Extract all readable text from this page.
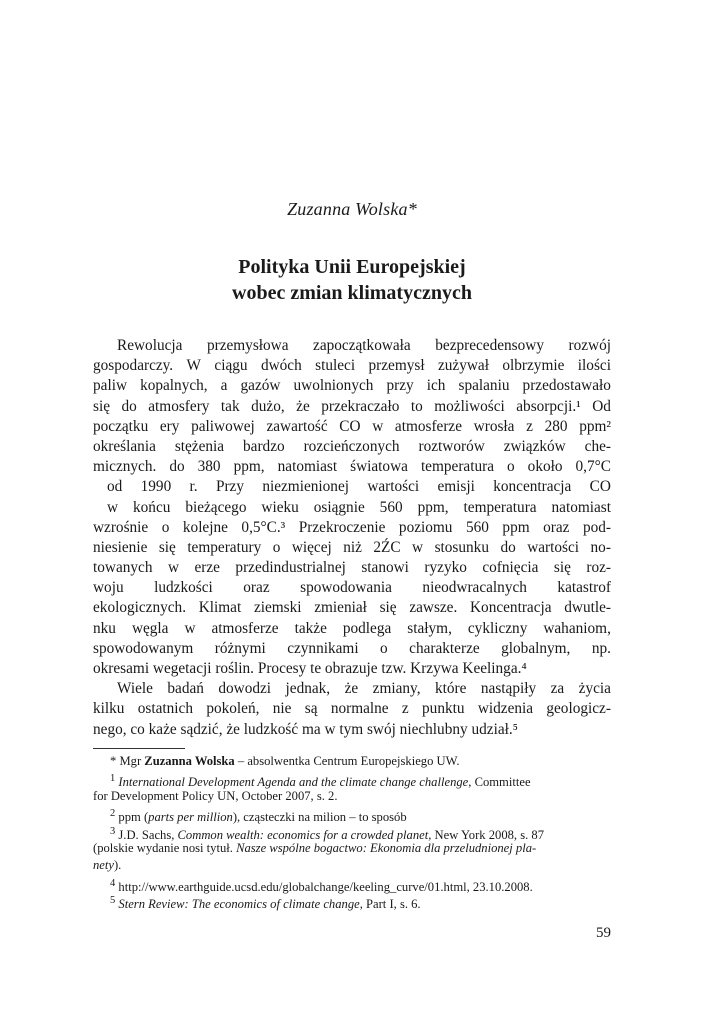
Zuzanna Wolska*
Polityka Unii Europejskiej
wobec zmian klimatycznych
Rewolucja przemysłowa zapoczątkowała bezprecedensowy rozwój
gospodarczy. W ciągu dwóch stuleci przemysł zużywał olbrzymie ilości
paliw kopalnych, a gazów uwolnionych przy ich spalaniu przedostawało
się do atmosfery tak dużo, że przekraczało to możliwości absorpcji.¹ Od
początku ery paliwowej zawartość CO w atmosferze wrosła z 280 ppm²
określania stężenia bardzo rozcieńczonych roztworów związków che-
micznych. do 380 ppm, natomiast światowa temperatura o około 0,7°C
od 1990 r. Przy niezmienionej wartości emisji koncentracja CO
w końcu bieżącego wieku osiągnie 560 ppm, temperatura natomiast
wzrośnie o kolejne 0,5°C.³ Przekroczenie poziomu 560 ppm oraz pod-
niesienie się temperatury o więcej niż 2ŹC w stosunku do wartości no-
towanych w erze przedindustrialnej stanowi ryzyko cofnięcia się roz-
woju ludzkości oraz spowodowania nieodwracalnych katastrof
ekologicznych. Klimat ziemski zmieniał się zawsze. Koncentracja dwutle-
nku węgla w atmosferze także podlega stałym, cykliczny wahaniom,
spowodowanym różnymi czynnikami o charakterze globalnym, np.
okresami wegetacji roślin. Procesy te obrazuje tzw. Krzywa Keelinga.⁴
Wiele badań dowodzi jednak, że zmiany, które nastąpiły za życia
kilku ostatnich pokoleń, nie są normalne z punktu widzenia geologicz-
nego, co każe sądzić, że ludzkość ma w tym swój niechlubny udział.⁵
*
Mgr Zuzanna Wolska – absolwentka Centrum Europejskiego UW.
$^1$ International Development Agenda and the climate change challenge, Committee
for Development Policy UN, October 2007, s. 2.
$^2$ ppm (parts per million), cząsteczki na milion – to sposób
$^3$ J.D. Sachs, Common wealth: economics for a crowded planet, New York 2008, s. 87
(polskie wydanie nosi tytuł. Nasze wspólne bogactwo: Ekonomia dla przeludnionej pla-
nety).
$^4$ http://www.earthguide.ucsd.edu/globalchange/keeling_curve/01.html, 23.10.2008.
$^5$ Stern Review: The economics of climate change, Part I, s. 6.
59
